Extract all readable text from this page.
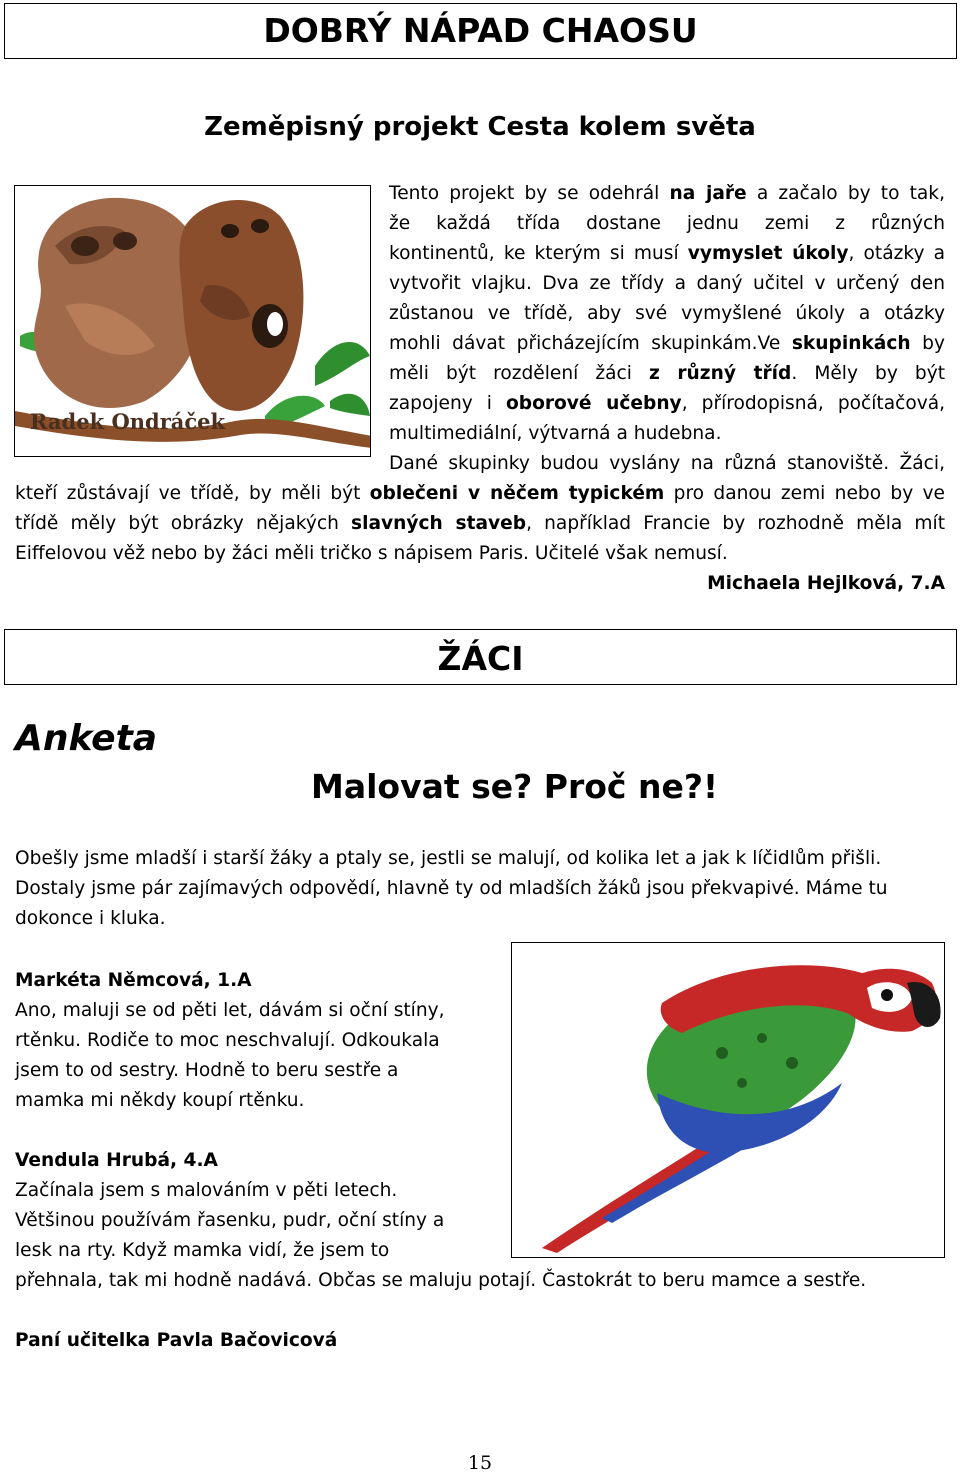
DOBRÝ NÁPAD CHAOSU
Zeměpisný projekt Cesta kolem světa
Radek Ondráček
Tento projekt by se odehrál na jaře a začalo by to tak,
že každá třída dostane jednu zemi z různých
kontinentů, ke kterým si musí vymyslet úkoly, otázky a
vytvořit vlajku. Dva ze třídy a daný učitel v určený den
zůstanou ve třídě, aby své vymyšlené úkoly a otázky
mohli dávat přicházejícím skupinkám.Ve skupinkách by
měli být rozdělení žáci z různý tříd. Měly by být
zapojeny i oborové učebny, přírodopisná, počítačová,
multimediální, výtvarná a hudebna.
Dané skupinky budou vyslány na různá stanoviště. Žáci,
kteří zůstávají ve třídě, by měli být oblečeni v něčem typickém pro danou zemi nebo by ve
třídě měly být obrázky nějakých slavných staveb, například Francie by rozhodně měla mít
Eiffelovou věž nebo by žáci měli tričko s nápisem Paris. Učitelé však nemusí.
Michaela Hejlková, 7.A
ŽÁCI
Anketa
Malovat se? Proč ne?!
Obešly jsme mladší i starší žáky a ptaly se, jestli se malují, od kolika let a jak k líčidlům přišli.
Dostaly jsme pár zajímavých odpovědí, hlavně ty od mladších žáků jsou překvapivé. Máme tu
dokonce i kluka.
Markéta Němcová, 1.A
Ano, maluji se od pěti let, dávám si oční stíny,
rtěnku. Rodiče to moc neschvalují. Odkoukala
jsem to od sestry. Hodně to beru sestře a
mamka mi někdy koupí rtěnku.
Vendula Hrubá, 4.A
Začínala jsem s malováním v pěti letech.
Většinou používám řasenku, pudr, oční stíny a
lesk na rty. Když mamka vidí, že jsem to
přehnala, tak mi hodně nadává. Občas se maluju potají. Častokrát to beru mamce a sestře.
Paní učitelka Pavla Bačovicová
15
